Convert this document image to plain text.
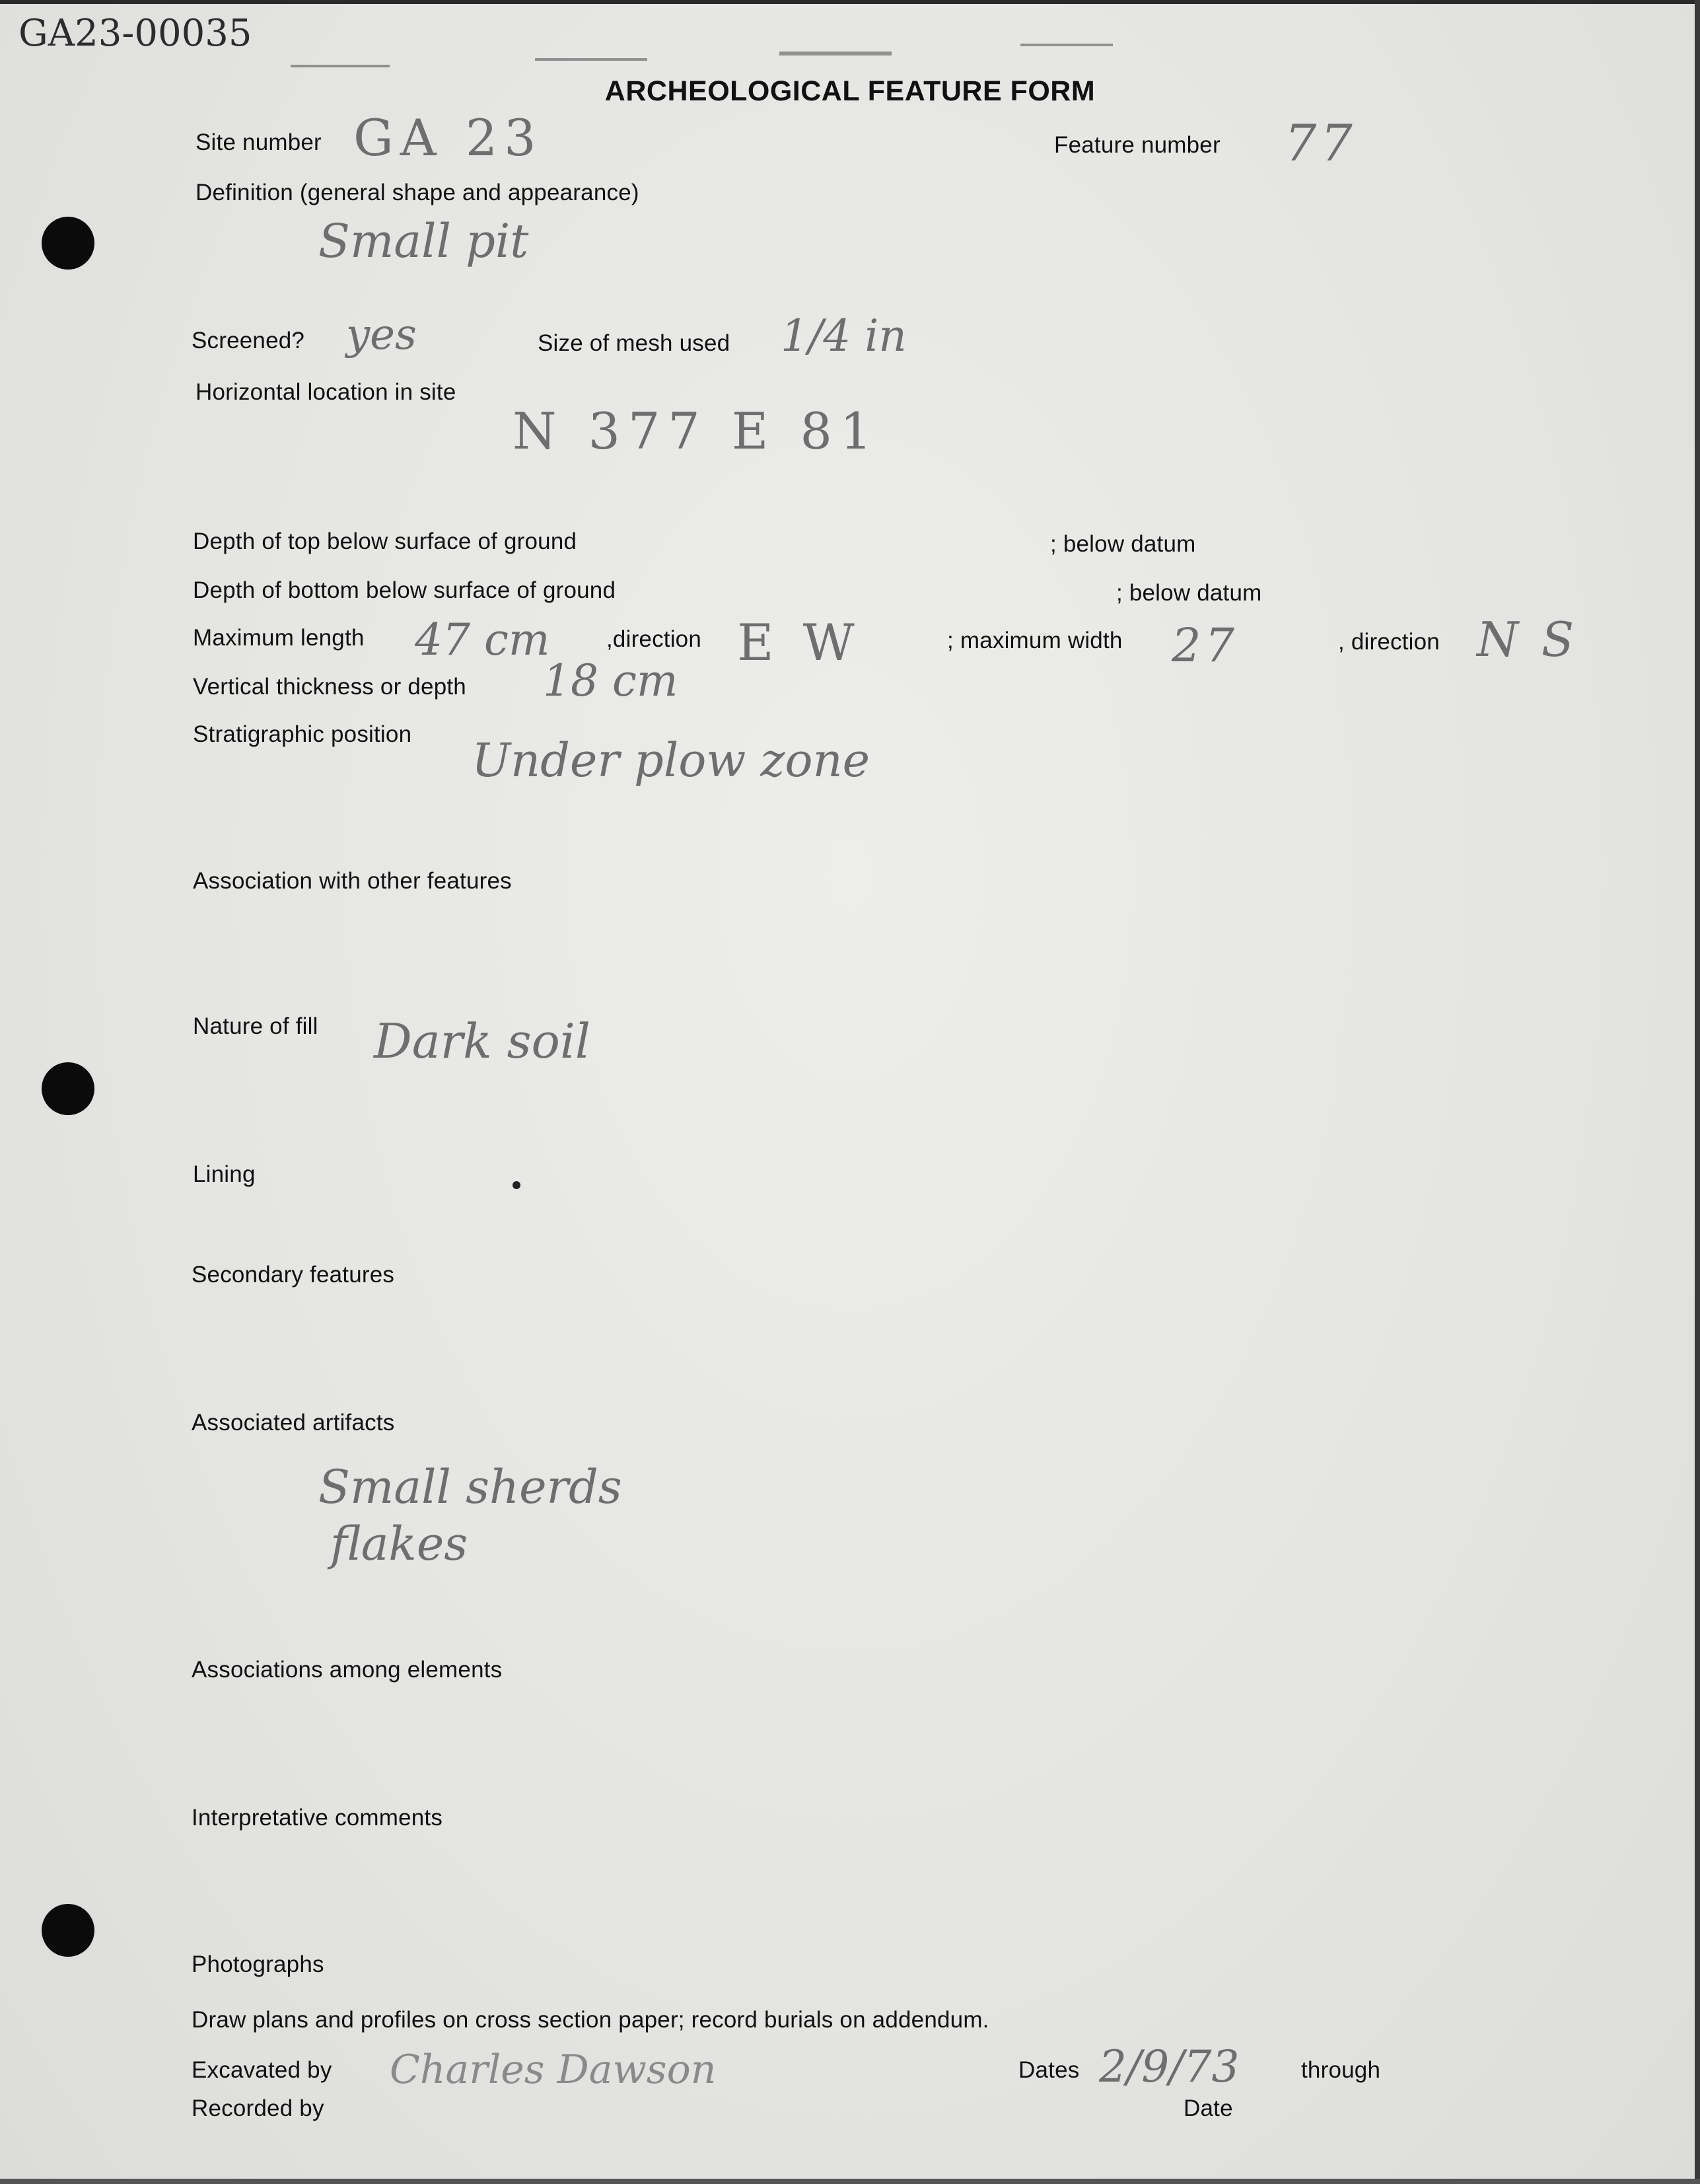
GA23-00035
ARCHEOLOGICAL FEATURE FORM
Site number GA 23	Feature number 77
Definition (general shape and appearance)
Small pit
Screened? yes	Size of mesh used 1/4 in
Horizontal location in site
N 377 E 81
Depth of top below surface of ground	; below datum
Depth of bottom below surface of ground	; below datum
Maximum length 47 cm ,direction E W	; maximum width 27	, direction N S
Vertical thickness or depth 18 cm
Stratigraphic position Under plow zone
Association with other features
Nature of fill Dark soil
Lining
Secondary features
Associated artifacts
Small sherds
flakes
Associations among elements
Interpretative comments
Photographs
Draw plans and profiles on cross section paper; record burials on addendum.
Excavated by Charles Dawson	Dates 2/9/73	through
Recorded by	Date
